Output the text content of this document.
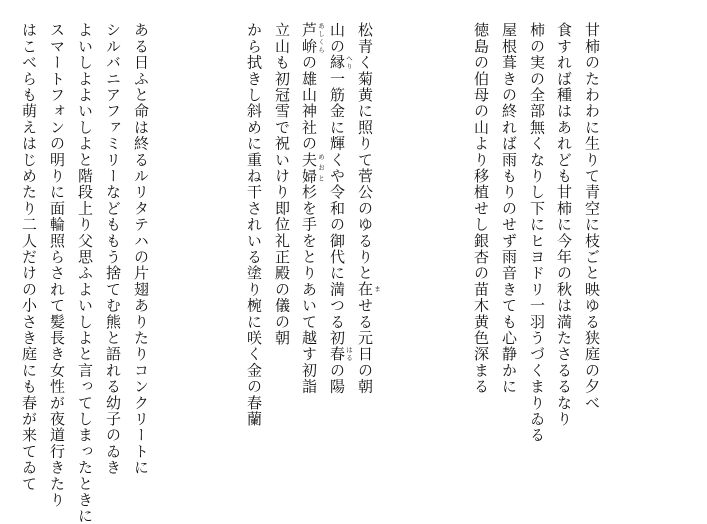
甘柿のたわわに生りて青空に枝ごと映ゆる狭庭の夕べ
食すれば種はあれども甘柿に今年の秋は満たさるるなり
柿の実の全部無くなりし下にヒヨドリ一羽うづくまりゐる
屋根葺きの終れば雨もりのせず雨音きても心静かに
徳島の伯母の山より移植せし銀杏の苗木黄色深まる
松青く菊黄に照りて菅公のゆるりと在 ませる元日の朝
山の縁 へり一筋金に輝くや令和の御代に満つる初春 はるの陽
芦峅 あしくらの雄山神社の夫婦 めおと杉を手をとりあいて越す初詣
立山も初冠雪で祝いけり即位礼正殿の儀の朝
から拭きし斜めに重ね干されいる塗り椀に咲く金の春蘭
ある日ふと命は終るルリタテハの片翅ありたりコンクリートに
シルバニアファミリーなどももう捨てむ熊と語れる幼子のゐき
よいしよよいしよと階段上り父思ふよいしよと言ってしまったときに
スマートフォンの明りに面輪照らされて髪長き女性が夜道行きたり
はこべらも萌えはじめたり二人だけの小さき庭にも春が来てゐて
